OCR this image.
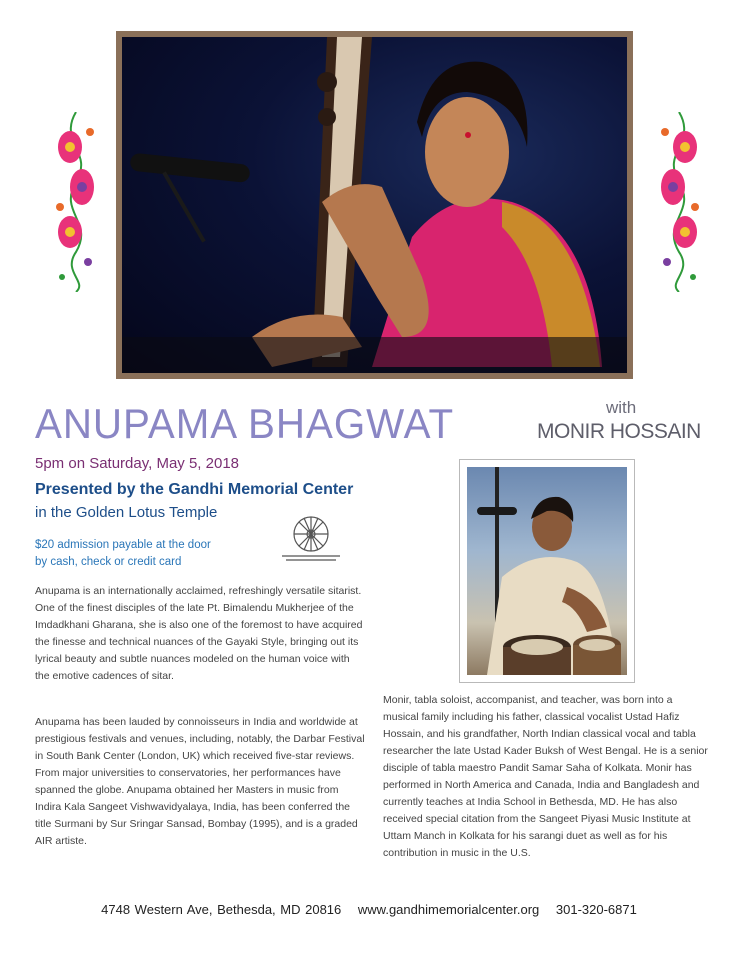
ANUPAMA BHAGWAT	with
MONIR HOSSAIN
5pm on Saturday, May 5, 2018
Presented by the Gandhi Memorial Center
in the Golden Lotus Temple
$20 admission payable at the door
by cash, check or credit card
Anupama is an internationally acclaimed, refreshingly versatile sitarist. One of the finest disciples of the late Pt. Bimalendu Mukherjee of the Imdadkhani Gharana, she is also one of the foremost to have acquired the finesse and technical nuances of the Gayaki Style, bringing out its lyrical beauty and subtle nuances modeled on the human voice with the emotive cadences of sitar.
Anupama has been lauded by connoisseurs in India and worldwide at prestigious festivals and venues, including, notably, the Darbar Festival in South Bank Center (London, UK) which received five-star reviews. From major universities to conservatories, her performances have spanned the globe. Anupama obtained her Masters in music from Indira Kala Sangeet Vishwavidyalaya, India, has been conferred the title Surmani by Sur Sringar Sansad, Bombay (1995), and is a graded AIR artiste.
Monir, tabla soloist, accompanist, and teacher, was born into a musical family including his father, classical vocalist Ustad Hafiz Hossain, and his grandfather, North Indian classical vocal and tabla researcher the late Ustad Kader Buksh of West Bengal. He is a senior disciple of tabla maestro Pandit Samar Saha of Kolkata. Monir has performed in North America and Canada, India and Bangladesh and currently teaches at India School in Bethesda, MD. He has also received special citation from the Sangeet Piyasi Music Institute at Uttam Manch in Kolkata for his sarangi duet as well as for his contribution in music in the U.S.
4748 Western Ave, Bethesda, MD 20816 www.gandhimemorialcenter.org 301-320-6871
